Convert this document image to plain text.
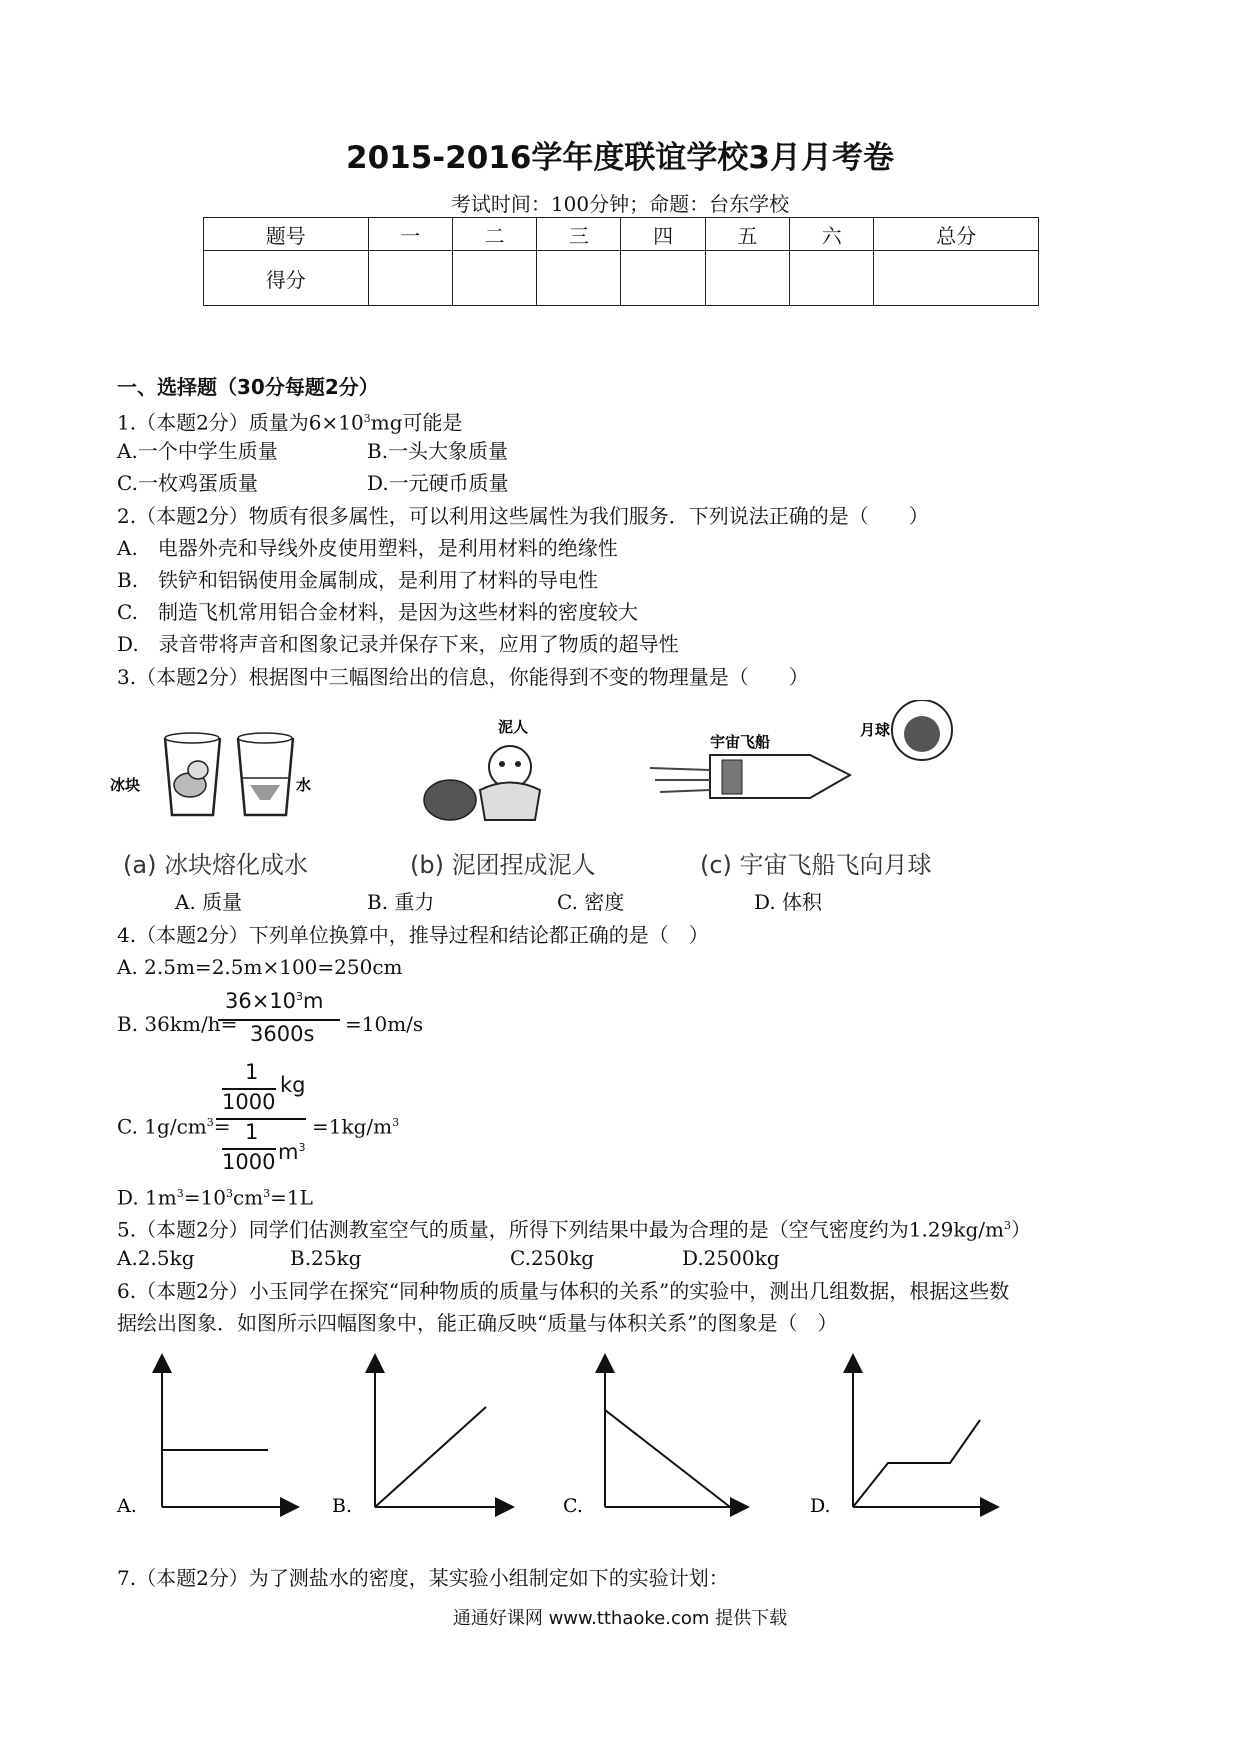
2015-2016学年度联谊学校3月月考卷
考试时间：100分钟；命题：台东学校
题号	一	二	三	四	五	六	总分
得分							
一、选择题（30分每题2分）
1.（本题2分）质量为$6\times 10^3mg$可能是
A.一个中学生质量	B.一头大象质量
C.一枚鸡蛋质量	D.一元硬币质量
2.（本题2分）物质有很多属性，可以利用这些属性为我们服务．下列说法正确的是（　　）
A.　电器外壳和导线外皮使用塑料，是利用材料的绝缘性
B.　铁铲和铝锅使用金属制成，是利用了材料的导电性
C.　制造飞机常用铝合金材料，是因为这些材料的密度较大
D.　录音带将声音和图象记录并保存下来，应用了物质的超导性
3.（本题2分）根据图中三幅图给出的信息，你能得到不变的物理量是（　　）
冰块	水
泥人
宇宙飞船
月球
(a) 冰块熔化成水	(b) 泥团捏成泥人	(c) 宇宙飞船飞向月球
A. 质量	B. 重力	C. 密度	D. 体积
4.（本题2分）下列单位换算中，推导过程和结论都正确的是（　）
A. 2.5m=2.5m×100=250cm
B. 36km/h=
$36\times 10^3m$
3600s =10m/s
C. $1g/cm^3=$
1
1000
kg
1
1000 $m^3$
$=1kg/m^3$
D. $1m^3=10^3cm^3=1L$
5.（本题2分）同学们估测教室空气的质量，所得下列结果中最为合理的是（空气密度约为$1.29kg/m^3$）
A.2.5kg	B.25kg	C.250kg	D.2500kg
6.（本题2分）小玉同学在探究“同种物质的质量与体积的关系”的实验中，测出几组数据，根据这些数
据绘出图象．如图所示四幅图象中，能正确反映“质量与体积关系”的图象是（　）
A.	B.	C.	D.
7.（本题2分）为了测盐水的密度，某实验小组制定如下的实验计划：
通通好课网 www.tthaoke.com 提供下载
